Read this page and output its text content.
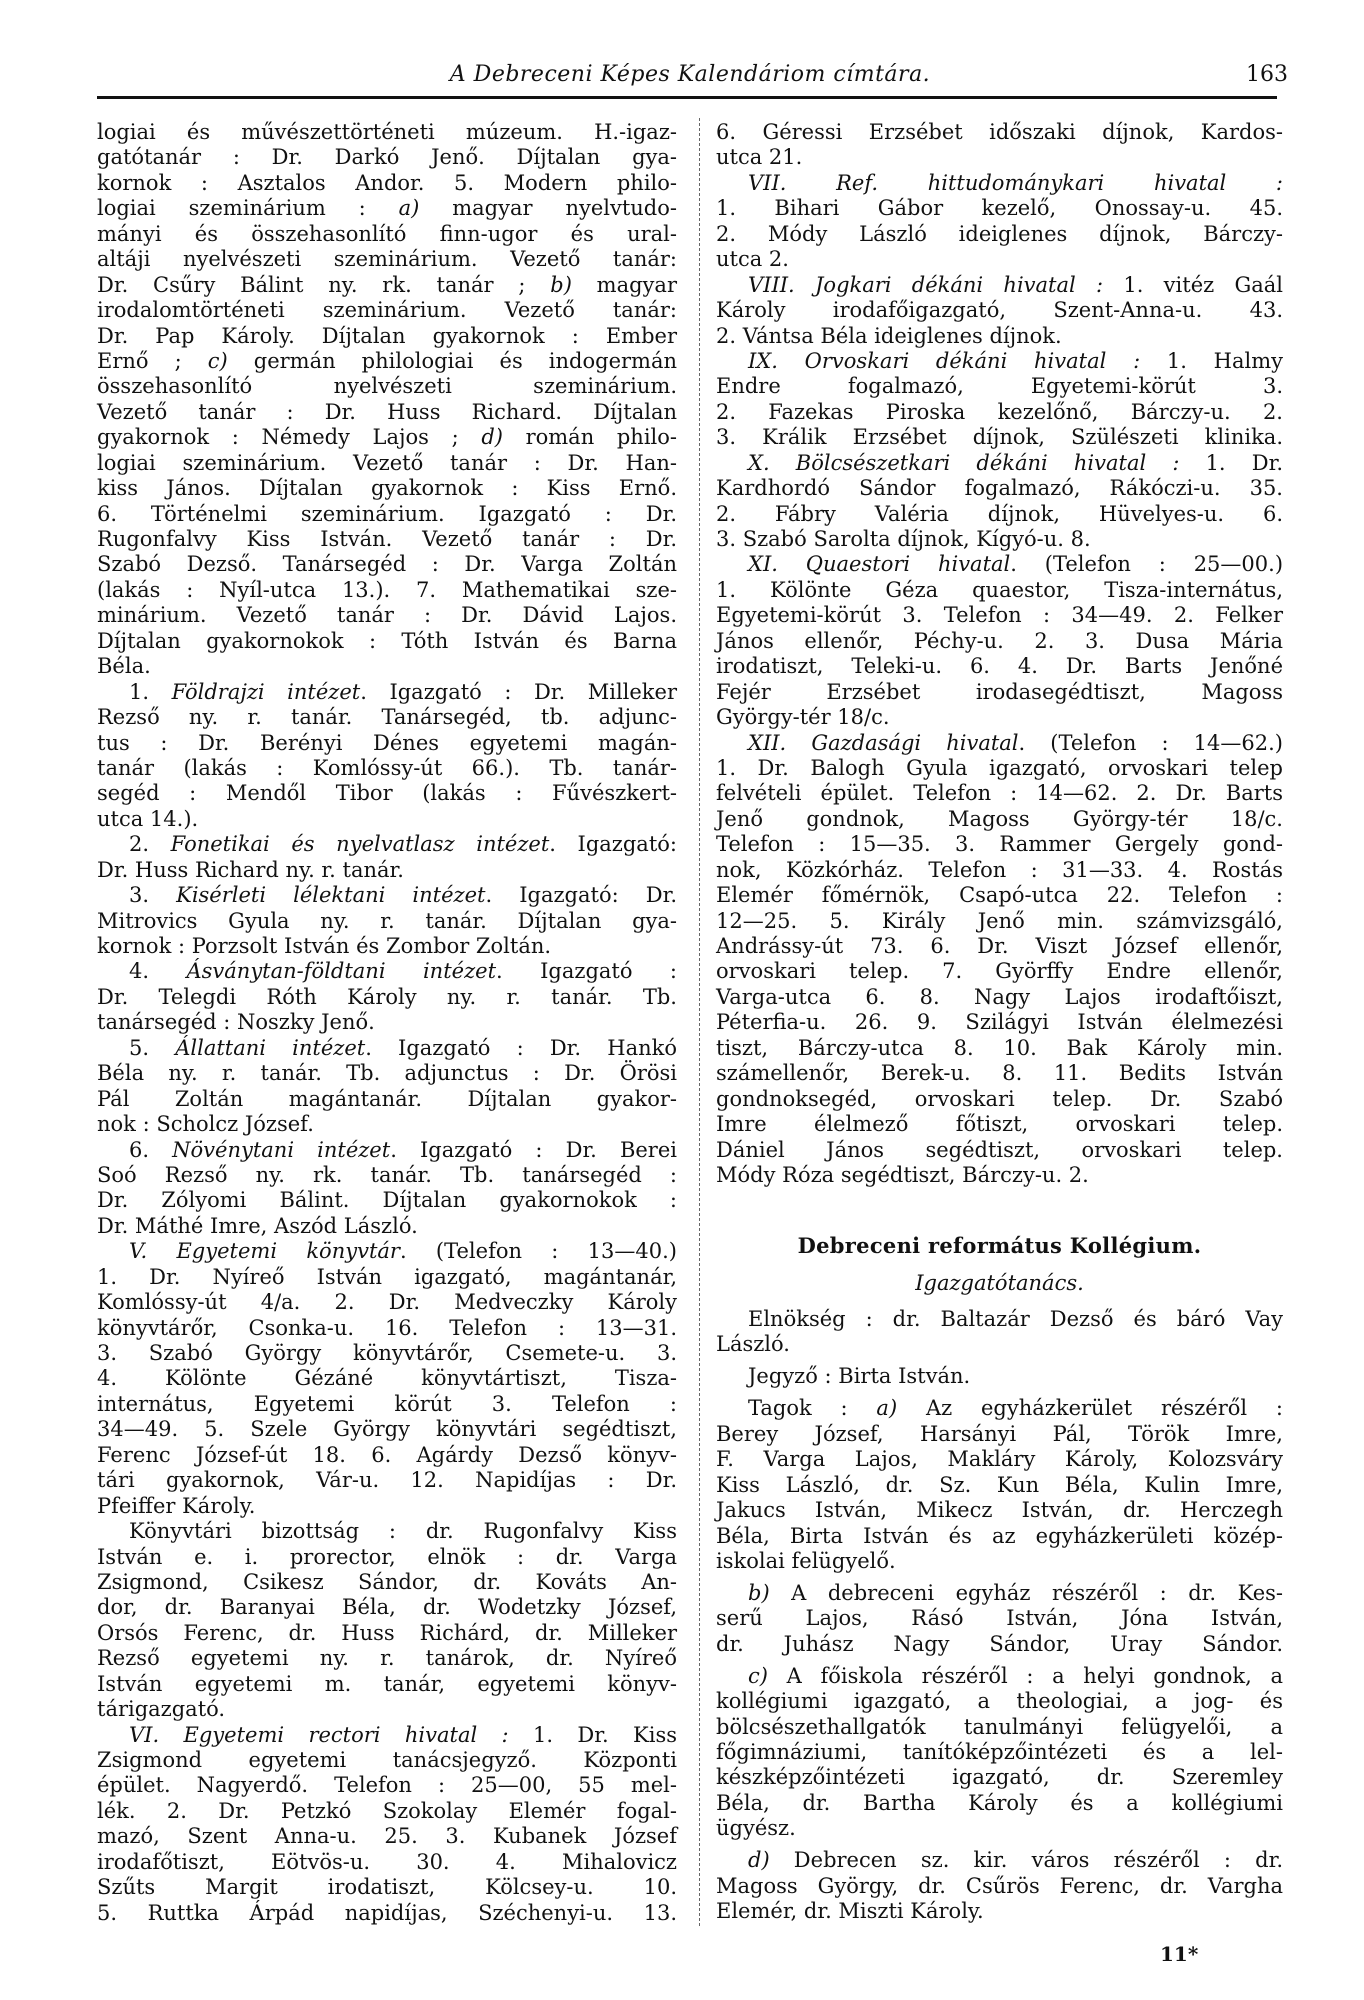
A Debreceni Képes Kalendáriom címtára.	163
logiai és művészettörténeti múzeum. H.-igaz-
gatótanár : Dr. Darkó Jenő. Díjtalan gya-
kornok : Asztalos Andor. 5. Modern philo-
logiai szeminárium : a) magyar nyelvtudo-
mányi és összehasonlító finn-ugor és ural-
altáji nyelvészeti szeminárium. Vezető tanár:
Dr. Csűry Bálint ny. rk. tanár ; b) magyar
irodalomtörténeti szeminárium. Vezető tanár:
Dr. Pap Károly. Díjtalan gyakornok : Ember
Ernő ; c) germán philologiai és indogermán
összehasonlító nyelvészeti szeminárium.
Vezető tanár : Dr. Huss Richard. Díjtalan
gyakornok : Némedy Lajos ; d) román philo-
logiai szeminárium. Vezető tanár : Dr. Han-
kiss János. Díjtalan gyakornok : Kiss Ernő.
6. Történelmi szeminárium. Igazgató : Dr.
Rugonfalvy Kiss István. Vezető tanár : Dr.
Szabó Dezső. Tanársegéd : Dr. Varga Zoltán
(lakás : Nyíl-utca 13.). 7. Mathematikai sze-
minárium. Vezető tanár : Dr. Dávid Lajos.
Díjtalan gyakornokok : Tóth István és Barna
Béla.
1. Földrajzi intézet. Igazgató : Dr. Milleker
Rezső ny. r. tanár. Tanársegéd, tb. adjunc-
tus : Dr. Berényi Dénes egyetemi magán-
tanár (lakás : Komlóssy-út 66.). Tb. tanár-
segéd : Mendől Tibor (lakás : Fűvészkert-
utca 14.).
2. Fonetikai és nyelvatlasz intézet. Igazgató:
Dr. Huss Richard ny. r. tanár.
3. Kisérleti lélektani intézet. Igazgató: Dr.
Mitrovics Gyula ny. r. tanár. Díjtalan gya-
kornok : Porzsolt István és Zombor Zoltán.
4. Ásványtan-földtani intézet. Igazgató :
Dr. Telegdi Róth Károly ny. r. tanár. Tb.
tanársegéd : Noszky Jenő.
5. Állattani intézet. Igazgató : Dr. Hankó
Béla ny. r. tanár. Tb. adjunctus : Dr. Örösi
Pál Zoltán magántanár. Díjtalan gyakor-
nok : Scholcz József.
6. Növénytani intézet. Igazgató : Dr. Berei
Soó Rezső ny. rk. tanár. Tb. tanársegéd :
Dr. Zólyomi Bálint. Díjtalan gyakornokok :
Dr. Máthé Imre, Aszód László.
V. Egyetemi könyvtár. (Telefon : 13—40.)
1. Dr. Nyíreő István igazgató, magántanár,
Komlóssy-út 4/a. 2. Dr. Medveczky Károly
könyvtárőr, Csonka-u. 16. Telefon : 13—31.
3. Szabó György könyvtárőr, Csemete-u. 3.
4. Kölönte Gézáné könyvtártiszt, Tisza-
internátus, Egyetemi körút 3. Telefon :
34—49. 5. Szele György könyvtári segédtiszt,
Ferenc József-út 18. 6. Agárdy Dezső könyv-
tári gyakornok, Vár-u. 12. Napidíjas : Dr.
Pfeiffer Károly.
Könyvtári bizottság : dr. Rugonfalvy Kiss
István e. i. prorector, elnök : dr. Varga
Zsigmond, Csikesz Sándor, dr. Kováts An-
dor, dr. Baranyai Béla, dr. Wodetzky József,
Orsós Ferenc, dr. Huss Richárd, dr. Milleker
Rezső egyetemi ny. r. tanárok, dr. Nyíreő
István egyetemi m. tanár, egyetemi könyv-
tárigazgató.
VI. Egyetemi rectori hivatal : 1. Dr. Kiss
Zsigmond egyetemi tanácsjegyző. Központi
épület. Nagyerdő. Telefon : 25—00, 55 mel-
lék. 2. Dr. Petzkó Szokolay Elemér fogal-
mazó, Szent Anna-u. 25. 3. Kubanek József
irodafőtiszt, Eötvös-u. 30. 4. Mihalovicz
Szűts Margit irodatiszt, Kölcsey-u. 10.
5. Ruttka Árpád napidíjas, Széchenyi-u. 13.
6. Géressi Erzsébet időszaki díjnok, Kardos-
utca 21.
VII. Ref. hittudománykari hivatal :
1. Bihari Gábor kezelő, Onossay-u. 45.
2. Módy László ideiglenes díjnok, Bárczy-
utca 2.
VIII. Jogkari dékáni hivatal : 1. vitéz Gaál
Károly irodafőigazgató, Szent-Anna-u. 43.
2. Vántsa Béla ideiglenes díjnok.
IX. Orvoskari dékáni hivatal : 1. Halmy
Endre fogalmazó, Egyetemi-körút 3.
2. Fazekas Piroska kezelőnő, Bárczy-u. 2.
3. Králik Erzsébet díjnok, Szülészeti klinika.
X. Bölcsészetkari dékáni hivatal : 1. Dr.
Kardhordó Sándor fogalmazó, Rákóczi-u. 35.
2. Fábry Valéria díjnok, Hüvelyes-u. 6.
3. Szabó Sarolta díjnok, Kígyó-u. 8.
XI. Quaestori hivatal. (Telefon : 25—00.)
1. Kölönte Géza quaestor, Tisza-internátus,
Egyetemi-körút 3. Telefon : 34—49. 2. Felker
János ellenőr, Péchy-u. 2. 3. Dusa Mária
irodatiszt, Teleki-u. 6. 4. Dr. Barts Jenőné
Fejér Erzsébet irodasegédtiszt, Magoss
György-tér 18/c.
XII. Gazdasági hivatal. (Telefon : 14—62.)
1. Dr. Balogh Gyula igazgató, orvoskari telep
felvételi épület. Telefon : 14—62. 2. Dr. Barts
Jenő gondnok, Magoss György-tér 18/c.
Telefon : 15—35. 3. Rammer Gergely gond-
nok, Közkórház. Telefon : 31—33. 4. Rostás
Elemér főmérnök, Csapó-utca 22. Telefon :
12—25. 5. Király Jenő min. számvizsgáló,
Andrássy-út 73. 6. Dr. Viszt József ellenőr,
orvoskari telep. 7. Györffy Endre ellenőr,
Varga-utca 6. 8. Nagy Lajos irodaftőiszt,
Péterfia-u. 26. 9. Szilágyi István élelmezési
tiszt, Bárczy-utca 8. 10. Bak Károly min.
számellenőr, Berek-u. 8. 11. Bedits István
gondnoksegéd, orvoskari telep. Dr. Szabó
Imre élelmező főtiszt, orvoskari telep.
Dániel János segédtiszt, orvoskari telep.
Módy Róza segédtiszt, Bárczy-u. 2.
Debreceni református Kollégium.
Igazgatótanács.
Elnökség : dr. Baltazár Dezső és báró Vay
László.
Jegyző : Birta István.
Tagok : a) Az egyházkerület részéről :
Berey József, Harsányi Pál, Török Imre,
F. Varga Lajos, Makláry Károly, Kolozsváry
Kiss László, dr. Sz. Kun Béla, Kulin Imre,
Jakucs István, Mikecz István, dr. Herczegh
Béla, Birta István és az egyházkerületi közép-
iskolai felügyelő.
b) A debreceni egyház részéről : dr. Kes-
serű Lajos, Rásó István, Jóna István,
dr. Juhász Nagy Sándor, Uray Sándor.
c) A főiskola részéről : a helyi gondnok, a
kollégiumi igazgató, a theologiai, a jog- és
bölcsészethallgatók tanulmányi felügyelői, a
főgimnáziumi, tanítóképzőintézeti és a lel-
készképzőintézeti igazgató, dr. Szeremley
Béla, dr. Bartha Károly és a kollégiumi
ügyész.
d) Debrecen sz. kir. város részéről : dr.
Magoss György, dr. Csűrös Ferenc, dr. Vargha
Elemér, dr. Miszti Károly.
11*
